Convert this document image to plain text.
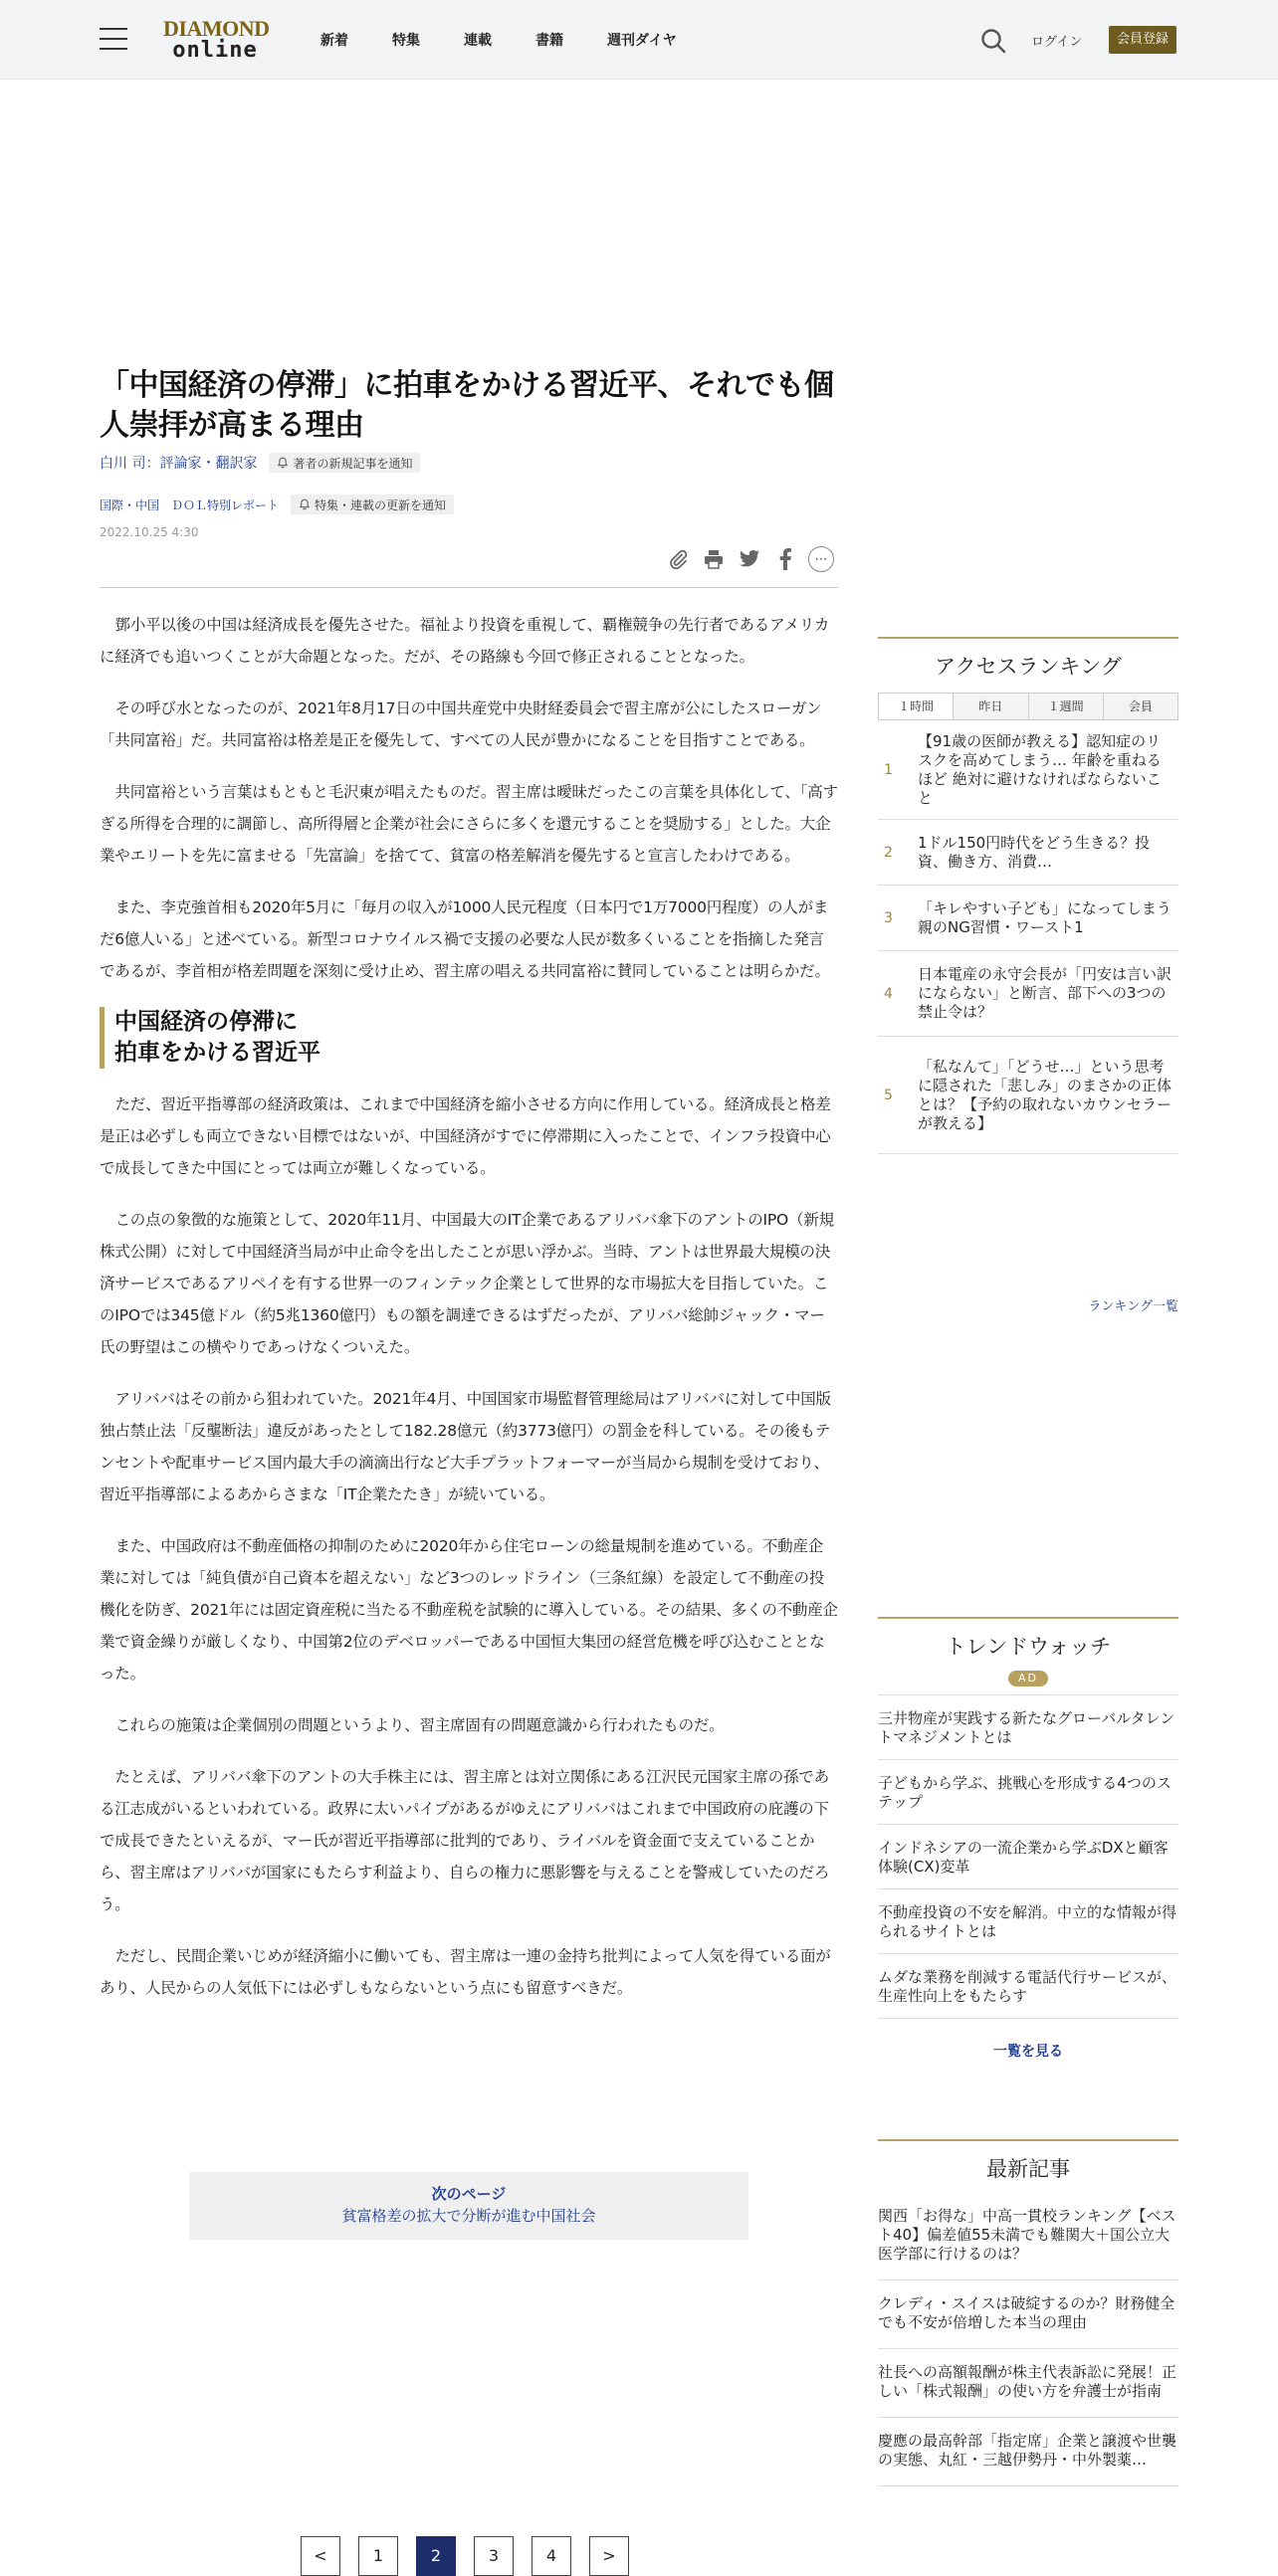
DIAMOND
online	新着	特集	連載	書籍	週刊ダイヤ	ログイン	会員登録
「中国経済の停滞」に拍車をかける習近平、それでも個人崇拝が高まる理由
白川 司：評論家・翻訳家	著者の新規記事を通知
国際・中国 ＤＯＬ特別レポート	特集・連載の更新を通知
2022.10.25 4:30
⋯

鄧小平以後の中国は経済成長を優先させた。福祉より投資を重視して、覇権競争の先行者であるアメリカに経済でも追いつくことが大命題となった。だが、その路線も今回で修正されることとなった。

その呼び水となったのが、2021年8月17日の中国共産党中央財経委員会で習主席が公にしたスローガン「共同富裕」だ。共同富裕は格差是正を優先して、すべての人民が豊かになることを目指すことである。

共同富裕という言葉はもともと毛沢東が唱えたものだ。習主席は曖昧だったこの言葉を具体化して、「高すぎる所得を合理的に調節し、高所得層と企業が社会にさらに多くを還元することを奨励する」とした。大企業やエリートを先に富ませる「先富論」を捨てて、貧富の格差解消を優先すると宣言したわけである。

また、李克強首相も2020年5月に「毎月の収入が1000人民元程度（日本円で1万7000円程度）の人がまだ6億人いる」と述べている。新型コロナウイルス禍で支援の必要な人民が数多くいることを指摘した発言であるが、李首相が格差問題を深刻に受け止め、習主席の唱える共同富裕に賛同していることは明らかだ。

中国経済の停滞に
拍車をかける習近平

ただ、習近平指導部の経済政策は、これまで中国経済を縮小させる方向に作用している。経済成長と格差是正は必ずしも両立できない目標ではないが、中国経済がすでに停滞期に入ったことで、インフラ投資中心で成長してきた中国にとっては両立が難しくなっている。

この点の象徴的な施策として、2020年11月、中国最大のIT企業であるアリババ傘下のアントのIPO（新規株式公開）に対して中国経済当局が中止命令を出したことが思い浮かぶ。当時、アントは世界最大規模の決済サービスであるアリペイを有する世界一のフィンテック企業として世界的な市場拡大を目指していた。このIPOでは345億ドル（約5兆1360億円）もの額を調達できるはずだったが、アリババ総帥ジャック・マー氏の野望はこの横やりであっけなくついえた。

アリババはその前から狙われていた。2021年4月、中国国家市場監督管理総局はアリババに対して中国版独占禁止法「反壟断法」違反があったとして182.28億元（約3773億円）の罰金を科している。その後もテンセントや配車サービス国内最大手の滴滴出行など大手プラットフォーマーが当局から規制を受けており、習近平指導部によるあからさまな「IT企業たたき」が続いている。

また、中国政府は不動産価格の抑制のために2020年から住宅ローンの総量規制を進めている。不動産企業に対しては「純負債が自己資本を超えない」など3つのレッドライン（三条紅線）を設定して不動産の投機化を防ぎ、2021年には固定資産税に当たる不動産税を試験的に導入している。その結果、多くの不動産企業で資金繰りが厳しくなり、中国第2位のデベロッパーである中国恒大集団の経営危機を呼び込むこととなった。

これらの施策は企業個別の問題というより、習主席固有の問題意識から行われたものだ。

たとえば、アリババ傘下のアントの大手株主には、習主席とは対立関係にある江沢民元国家主席の孫である江志成がいるといわれている。政界に太いパイプがあるがゆえにアリババはこれまで中国政府の庇護の下で成長できたといえるが、マー氏が習近平指導部に批判的であり、ライバルを資金面で支えていることから、習主席はアリババが国家にもたらす利益より、自らの権力に悪影響を与えることを警戒していたのだろう。

ただし、民間企業いじめが経済縮小に働いても、習主席は一連の金持ち批判によって人気を得ている面があり、人民からの人気低下には必ずしもならないという点にも留意すべきだ。

次のページ
貧富格差の拡大で分断が進む中国社会
<	1	2	3	4	>
アクセスランキング
１時間	昨日	１週間	会員
1
【91歳の医師が教える】認知症のリスクを高めてしまう… 年齢を重ねるほど 絶対に避けなければならないこと
2
1ドル150円時代をどう生きる？投資、働き方、消費…
3
「キレやすい子ども」になってしまう親のNG習慣・ワースト1
4
日本電産の永守会長が「円安は言い訳にならない」と断言、部下への3つの禁止令は？
5
「私なんて」「どうせ…」という思考に隠された「悲しみ」のまさかの正体とは？【予約の取れないカウンセラーが教える】
ランキング一覧
トレンドウォッチ
AD
三井物産が実践する新たなグローバルタレントマネジメントとは
子どもから学ぶ、挑戦心を形成する4つのステップ
インドネシアの一流企業から学ぶDXと顧客体験(CX)変革
不動産投資の不安を解消。中立的な情報が得られるサイトとは
ムダな業務を削減する電話代行サービスが、生産性向上をもたらす
一覧を見る
最新記事
関西「お得な」中高一貫校ランキング【ベスト40】偏差値55未満でも難関大＋国公立大医学部に行けるのは？
クレディ・スイスは破綻するのか？財務健全でも不安が倍増した本当の理由
社長への高額報酬が株主代表訴訟に発展！正しい「株式報酬」の使い方を弁護士が指南
慶應の最高幹部「指定席」企業と譲渡や世襲の実態、丸紅・三越伊勢丹・中外製薬…
